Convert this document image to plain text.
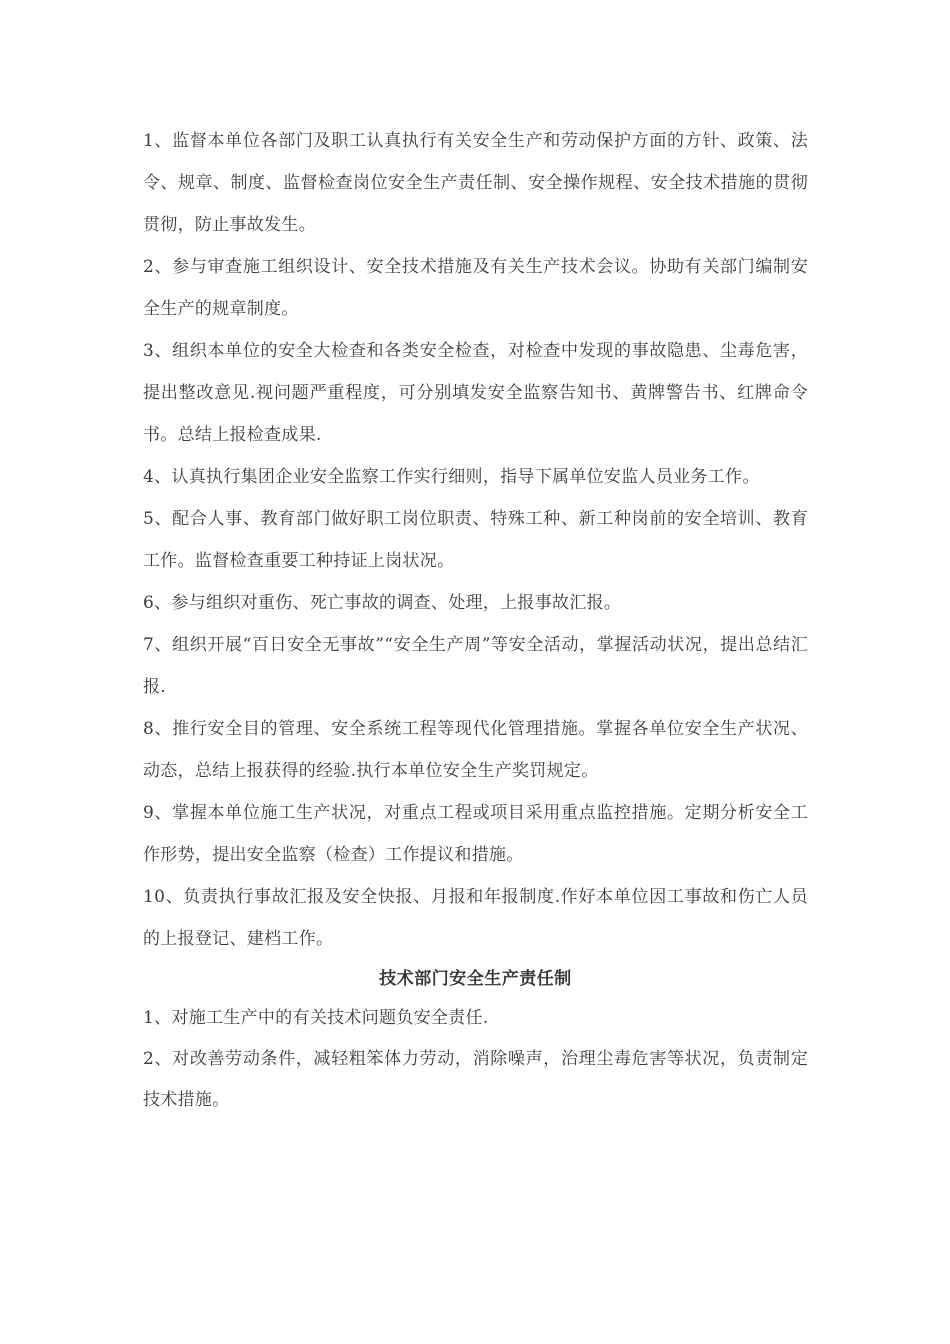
1、监督本单位各部门及职工认真执行有关安全生产和劳动保护方面的方针、政策、法令、规章、制度、监督检查岗位安全生产责任制、安全操作规程、安全技术措施的贯彻贯彻，防止事故发生。

2、参与审查施工组织设计、安全技术措施及有关生产技术会议。协助有关部门编制安全生产的规章制度。

3、组织本单位的安全大检查和各类安全检查，对检查中发现的事故隐患、尘毒危害，提出整改意见.视问题严重程度，可分别填发安全监察告知书、黄牌警告书、红牌命令书。总结上报检查成果.

4、认真执行集团企业安全监察工作实行细则，指导下属单位安监人员业务工作。

5、配合人事、教育部门做好职工岗位职责、特殊工种、新工种岗前的安全培训、教育工作。监督检查重要工种持证上岗状况。

6、参与组织对重伤、死亡事故的调查、处理，上报事故汇报。

7、组织开展“百日安全无事故”“安全生产周”等安全活动，掌握活动状况，提出总结汇报.

8、推行安全目的管理、安全系统工程等现代化管理措施。掌握各单位安全生产状况、动态，总结上报获得的经验.执行本单位安全生产奖罚规定。

9、掌握本单位施工生产状况，对重点工程或项目采用重点监控措施。定期分析安全工作形势，提出安全监察（检查）工作提议和措施。

10、负责执行事故汇报及安全快报、月报和年报制度.作好本单位因工事故和伤亡人员的上报登记、建档工作。

技术部门安全生产责任制

1、对施工生产中的有关技术问题负安全责任.

2、对改善劳动条件，减轻粗笨体力劳动，消除噪声，治理尘毒危害等状况，负责制定技术措施。
